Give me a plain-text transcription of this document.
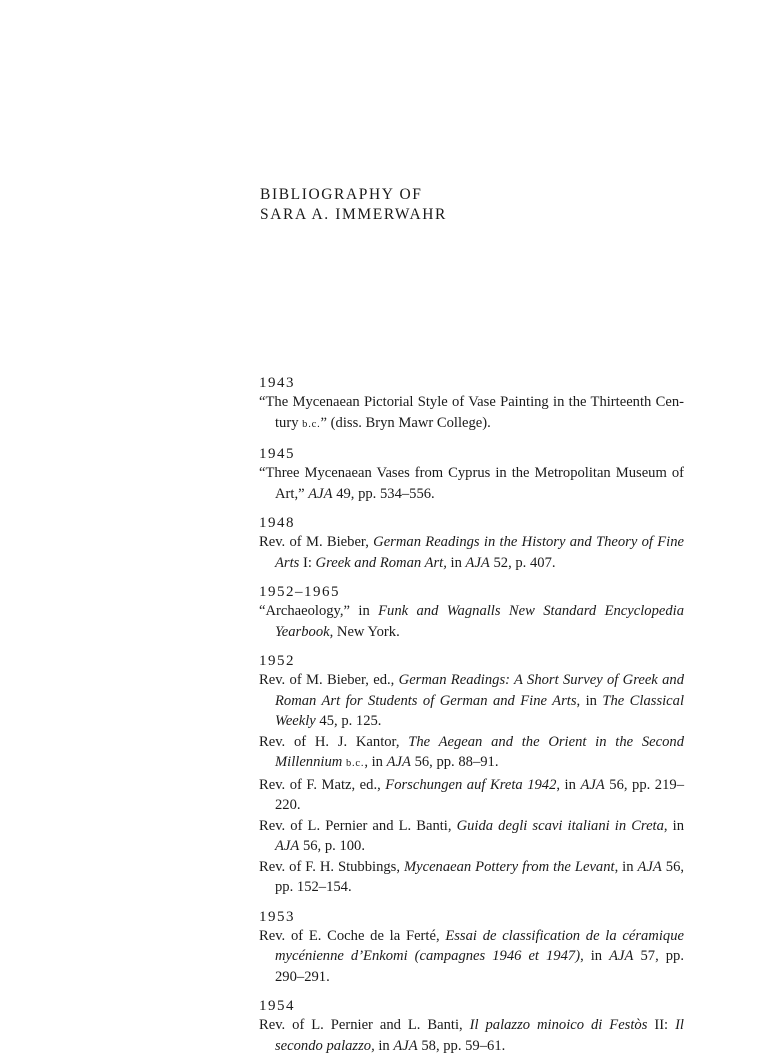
BIBLIOGRAPHY OF
SARA A. IMMERWAHR
1943
“The Mycenaean Pictorial Style of Vase Painting in the Thirteenth Century b.c.” (diss. Bryn Mawr College).
1945
“Three Mycenaean Vases from Cyprus in the Metropolitan Museum of Art,” AJA 49, pp. 534–556.
1948
Rev. of M. Bieber, German Readings in the History and Theory of Fine Arts I: Greek and Roman Art, in AJA 52, p. 407.
1952–1965
“Archaeology,” in Funk and Wagnalls New Standard Encyclopedia Yearbook, New York.
1952
Rev. of M. Bieber, ed., German Readings: A Short Survey of Greek and Roman Art for Students of German and Fine Arts, in The Classical Weekly 45, p. 125.
Rev. of H. J. Kantor, The Aegean and the Orient in the Second Millennium b.c., in AJA 56, pp. 88–91.
Rev. of F. Matz, ed., Forschungen auf Kreta 1942, in AJA 56, pp. 219–220.
Rev. of L. Pernier and L. Banti, Guida degli scavi italiani in Creta, in AJA 56, p. 100.
Rev. of F. H. Stubbings, Mycenaean Pottery from the Levant, in AJA 56, pp. 152–154.
1953
Rev. of E. Coche de la Ferté, Essai de classification de la céramique mycénienne d’Enkomi (campagnes 1946 et 1947), in AJA 57, pp. 290–291.
1954
Rev. of L. Pernier and L. Banti, Il palazzo minoico di Festòs II: Il secondo palazzo, in AJA 58, pp. 59–61.
